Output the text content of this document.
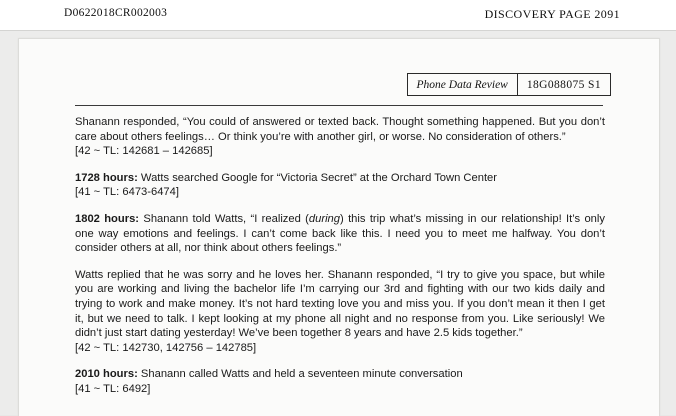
D0622018CR002003	DISCOVERY PAGE 2091
Phone Data Review	18G088075 S1

Shanann responded, “You could of answered or texted back. Thought something happened. But you don’t care about others feelings… Or think you’re with another girl, or worse. No consideration of others.”
[42 ~ TL: 142681 – 142685]

1728 hours: Watts searched Google for “Victoria Secret” at the Orchard Town Center
[41 ~ TL: 6473-6474]

1802 hours: Shanann told Watts, “I realized (during) this trip what’s missing in our relationship! It’s only one way emotions and feelings. I can’t come back like this. I need you to meet me halfway. You don’t consider others at all, nor think about others feelings.”

Watts replied that he was sorry and he loves her. Shanann responded, “I try to give you space, but while you are working and living the bachelor life I’m carrying our 3rd and fighting with our two kids daily and trying to work and make money. It’s not hard texting love you and miss you. If you don’t mean it then I get it, but we need to talk. I kept looking at my phone all night and no response from you. Like seriously! We didn’t just start dating yesterday! We’ve been together 8 years and have 2.5 kids together.”
[42 ~ TL: 142730, 142756 – 142785]

2010 hours: Shanann called Watts and held a seventeen minute conversation
[41 ~ TL: 6492]
